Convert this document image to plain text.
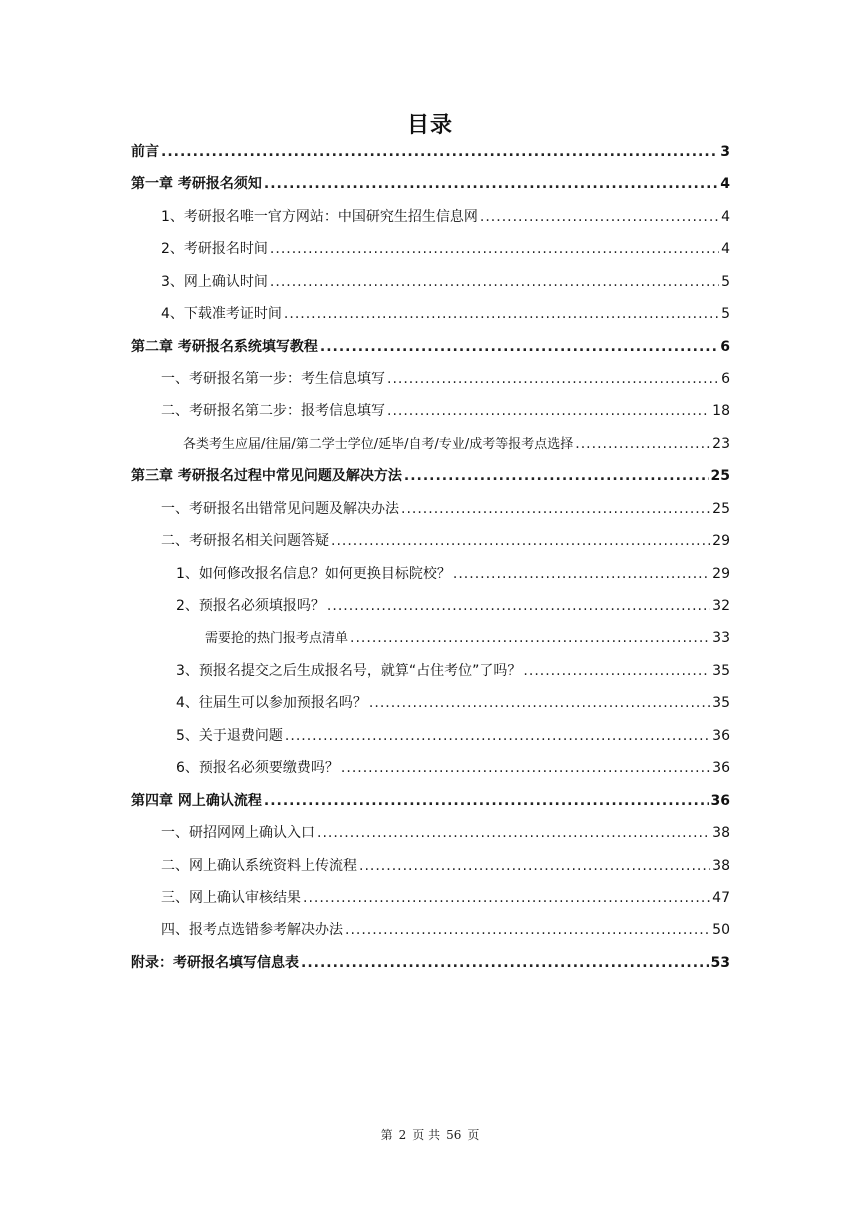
目录
前言 .....	3
第一章 考研报名须知 .....	4
1、考研报名唯一官方网站：中国研究生招生信息网 .....	4
2、考研报名时间 .....	4
3、网上确认时间 .....	5
4、下载准考证时间 .....	5
第二章 考研报名系统填写教程 .....	6
一、考研报名第一步：考生信息填写 .....	6
二、考研报名第二步：报考信息填写 .....	18
各类考生应届/往届/第二学士学位/延毕/自考/专业/成考等报考点选择 .....	23
第三章 考研报名过程中常见问题及解决方法 .....	25
一、考研报名出错常见问题及解决办法 .....	25
二、考研报名相关问题答疑 .....	29
1、如何修改报名信息？如何更换目标院校？ .....	29
2、预报名必须填报吗？ .....	32
需要抢的热门报考点清单 .....	33
3、预报名提交之后生成报名号，就算“占住考位”了吗？ .....	35
4、往届生可以参加预报名吗？ .....	35
5、关于退费问题 .....	36
6、预报名必须要缴费吗？ .....	36
第四章 网上确认流程 .....	36
一、研招网网上确认入口 .....	38
二、网上确认系统资料上传流程 .....	38
三、网上确认审核结果 .....	47
四、报考点选错参考解决办法 .....	50
附录：考研报名填写信息表 .....	53
第 2 页 共 56 页
